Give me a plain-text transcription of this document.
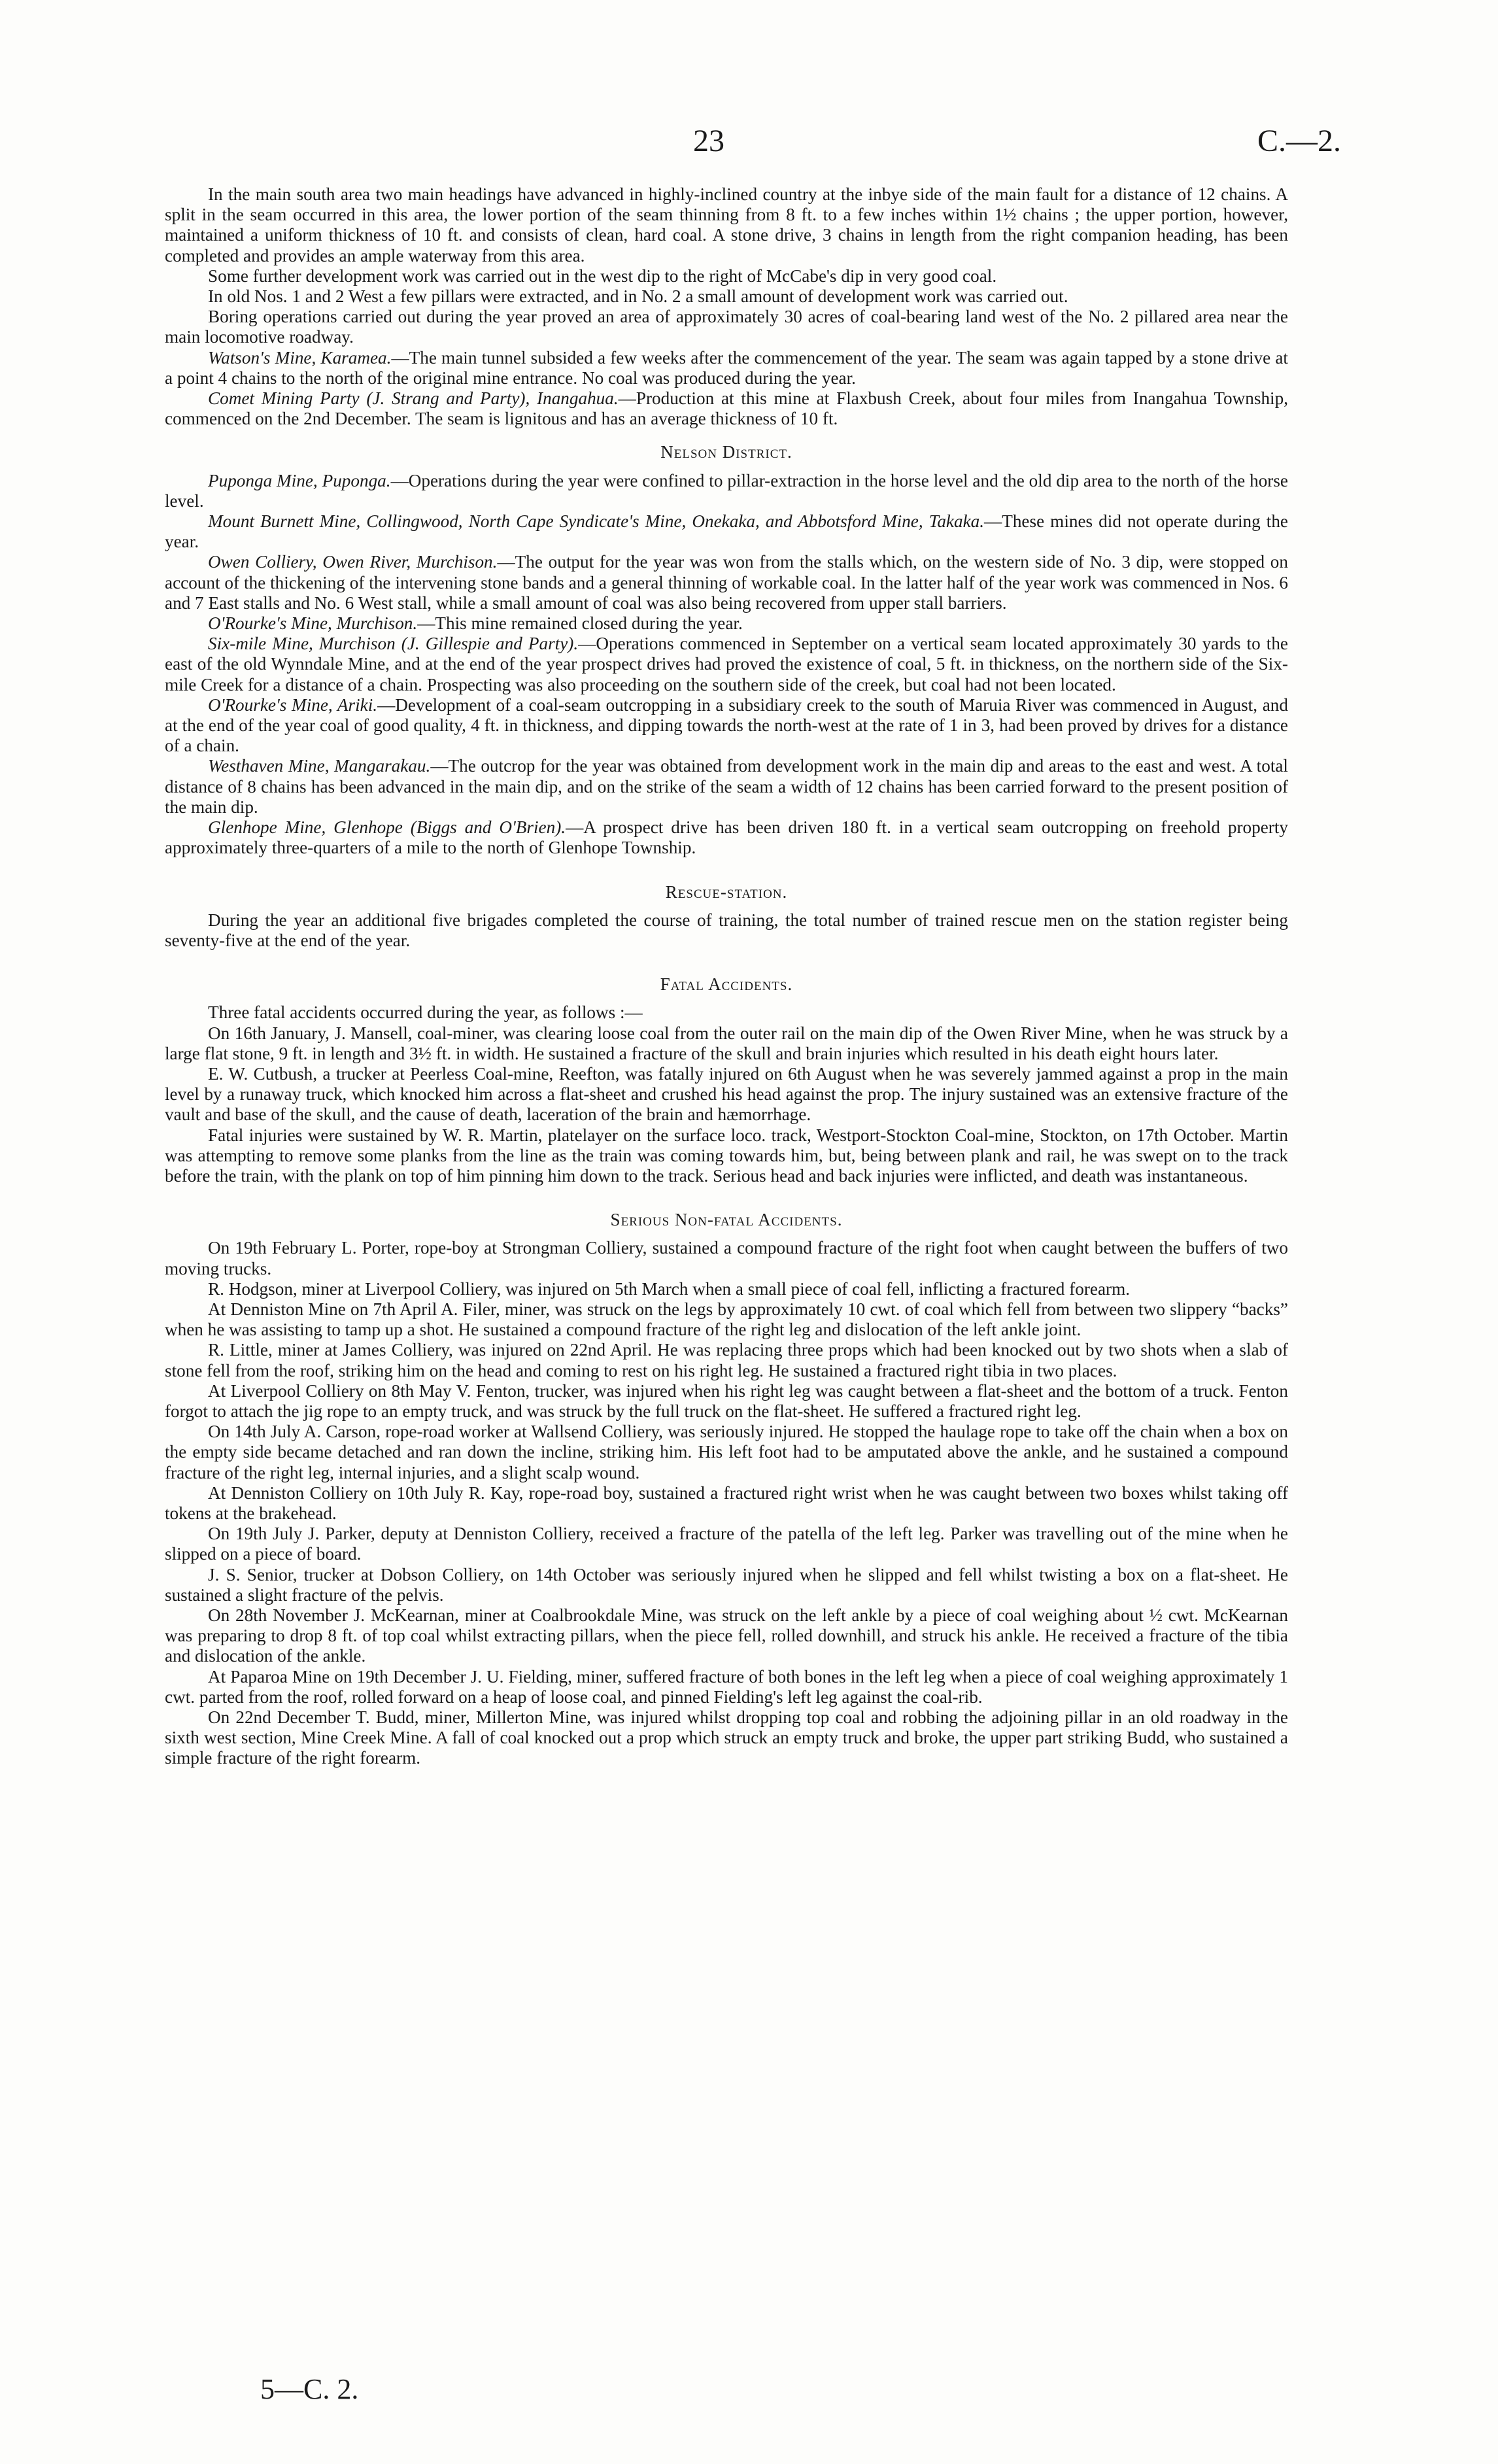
23	C.—2.

In the main south area two main headings have advanced in highly-inclined country at the inbye side of the main fault for a distance of 12 chains. A split in the seam occurred in this area, the lower portion of the seam thinning from 8 ft. to a few inches within 1½ chains ; the upper portion, however, maintained a uniform thickness of 10 ft. and consists of clean, hard coal. A stone drive, 3 chains in length from the right companion heading, has been completed and provides an ample waterway from this area.

Some further development work was carried out in the west dip to the right of McCabe's dip in very good coal.

In old Nos. 1 and 2 West a few pillars were extracted, and in No. 2 a small amount of development work was carried out.

Boring operations carried out during the year proved an area of approximately 30 acres of coal-bearing land west of the No. 2 pillared area near the main locomotive roadway.

Watson's Mine, Karamea.—The main tunnel subsided a few weeks after the commencement of the year. The seam was again tapped by a stone drive at a point 4 chains to the north of the original mine entrance. No coal was produced during the year.

Comet Mining Party (J. Strang and Party), Inangahua.—Production at this mine at Flaxbush Creek, about four miles from Inangahua Township, commenced on the 2nd December. The seam is lignitous and has an average thickness of 10 ft.

Nelson District.

Puponga Mine, Puponga.—Operations during the year were confined to pillar-extraction in the horse level and the old dip area to the north of the horse level.

Mount Burnett Mine, Collingwood, North Cape Syndicate's Mine, Onekaka, and Abbotsford Mine, Takaka.—These mines did not operate during the year.

Owen Colliery, Owen River, Murchison.—The output for the year was won from the stalls which, on the western side of No. 3 dip, were stopped on account of the thickening of the intervening stone bands and a general thinning of workable coal. In the latter half of the year work was commenced in Nos. 6 and 7 East stalls and No. 6 West stall, while a small amount of coal was also being recovered from upper stall barriers.

O'Rourke's Mine, Murchison.—This mine remained closed during the year.

Six-mile Mine, Murchison (J. Gillespie and Party).—Operations commenced in September on a vertical seam located approximately 30 yards to the east of the old Wynndale Mine, and at the end of the year prospect drives had proved the existence of coal, 5 ft. in thickness, on the northern side of the Six-mile Creek for a distance of a chain. Prospecting was also proceeding on the southern side of the creek, but coal had not been located.

O'Rourke's Mine, Ariki.—Development of a coal-seam outcropping in a subsidiary creek to the south of Maruia River was commenced in August, and at the end of the year coal of good quality, 4 ft. in thickness, and dipping towards the north-west at the rate of 1 in 3, had been proved by drives for a distance of a chain.

Westhaven Mine, Mangarakau.—The outcrop for the year was obtained from development work in the main dip and areas to the east and west. A total distance of 8 chains has been advanced in the main dip, and on the strike of the seam a width of 12 chains has been carried forward to the present position of the main dip.

Glenhope Mine, Glenhope (Biggs and O'Brien).—A prospect drive has been driven 180 ft. in a vertical seam outcropping on freehold property approximately three-quarters of a mile to the north of Glenhope Township.

Rescue-station.

During the year an additional five brigades completed the course of training, the total number of trained rescue men on the station register being seventy-five at the end of the year.

Fatal Accidents.

Three fatal accidents occurred during the year, as follows :—

On 16th January, J. Mansell, coal-miner, was clearing loose coal from the outer rail on the main dip of the Owen River Mine, when he was struck by a large flat stone, 9 ft. in length and 3½ ft. in width. He sustained a fracture of the skull and brain injuries which resulted in his death eight hours later.

E. W. Cutbush, a trucker at Peerless Coal-mine, Reefton, was fatally injured on 6th August when he was severely jammed against a prop in the main level by a runaway truck, which knocked him across a flat-sheet and crushed his head against the prop. The injury sustained was an extensive fracture of the vault and base of the skull, and the cause of death, laceration of the brain and hæmorrhage.

Fatal injuries were sustained by W. R. Martin, platelayer on the surface loco. track, Westport-Stockton Coal-mine, Stockton, on 17th October. Martin was attempting to remove some planks from the line as the train was coming towards him, but, being between plank and rail, he was swept on to the track before the train, with the plank on top of him pinning him down to the track. Serious head and back injuries were inflicted, and death was instantaneous.

Serious Non-fatal Accidents.

On 19th February L. Porter, rope-boy at Strongman Colliery, sustained a compound fracture of the right foot when caught between the buffers of two moving trucks.

R. Hodgson, miner at Liverpool Colliery, was injured on 5th March when a small piece of coal fell, inflicting a fractured forearm.

At Denniston Mine on 7th April A. Filer, miner, was struck on the legs by approximately 10 cwt. of coal which fell from between two slippery “backs” when he was assisting to tamp up a shot. He sustained a compound fracture of the right leg and dislocation of the left ankle joint.

R. Little, miner at James Colliery, was injured on 22nd April. He was replacing three props which had been knocked out by two shots when a slab of stone fell from the roof, striking him on the head and coming to rest on his right leg. He sustained a fractured right tibia in two places.

At Liverpool Colliery on 8th May V. Fenton, trucker, was injured when his right leg was caught between a flat-sheet and the bottom of a truck. Fenton forgot to attach the jig rope to an empty truck, and was struck by the full truck on the flat-sheet. He suffered a fractured right leg.

On 14th July A. Carson, rope-road worker at Wallsend Colliery, was seriously injured. He stopped the haulage rope to take off the chain when a box on the empty side became detached and ran down the incline, striking him. His left foot had to be amputated above the ankle, and he sustained a compound fracture of the right leg, internal injuries, and a slight scalp wound.

At Denniston Colliery on 10th July R. Kay, rope-road boy, sustained a fractured right wrist when he was caught between two boxes whilst taking off tokens at the brakehead.

On 19th July J. Parker, deputy at Denniston Colliery, received a fracture of the patella of the left leg. Parker was travelling out of the mine when he slipped on a piece of board.

J. S. Senior, trucker at Dobson Colliery, on 14th October was seriously injured when he slipped and fell whilst twisting a box on a flat-sheet. He sustained a slight fracture of the pelvis.

On 28th November J. McKearnan, miner at Coalbrookdale Mine, was struck on the left ankle by a piece of coal weighing about ½ cwt. McKearnan was preparing to drop 8 ft. of top coal whilst extracting pillars, when the piece fell, rolled downhill, and struck his ankle. He received a fracture of the tibia and dislocation of the ankle.

At Paparoa Mine on 19th December J. U. Fielding, miner, suffered fracture of both bones in the left leg when a piece of coal weighing approximately 1 cwt. parted from the roof, rolled forward on a heap of loose coal, and pinned Fielding's left leg against the coal-rib.

On 22nd December T. Budd, miner, Millerton Mine, was injured whilst dropping top coal and robbing the adjoining pillar in an old roadway in the sixth west section, Mine Creek Mine. A fall of coal knocked out a prop which struck an empty truck and broke, the upper part striking Budd, who sustained a simple fracture of the right forearm.

5—C. 2.
